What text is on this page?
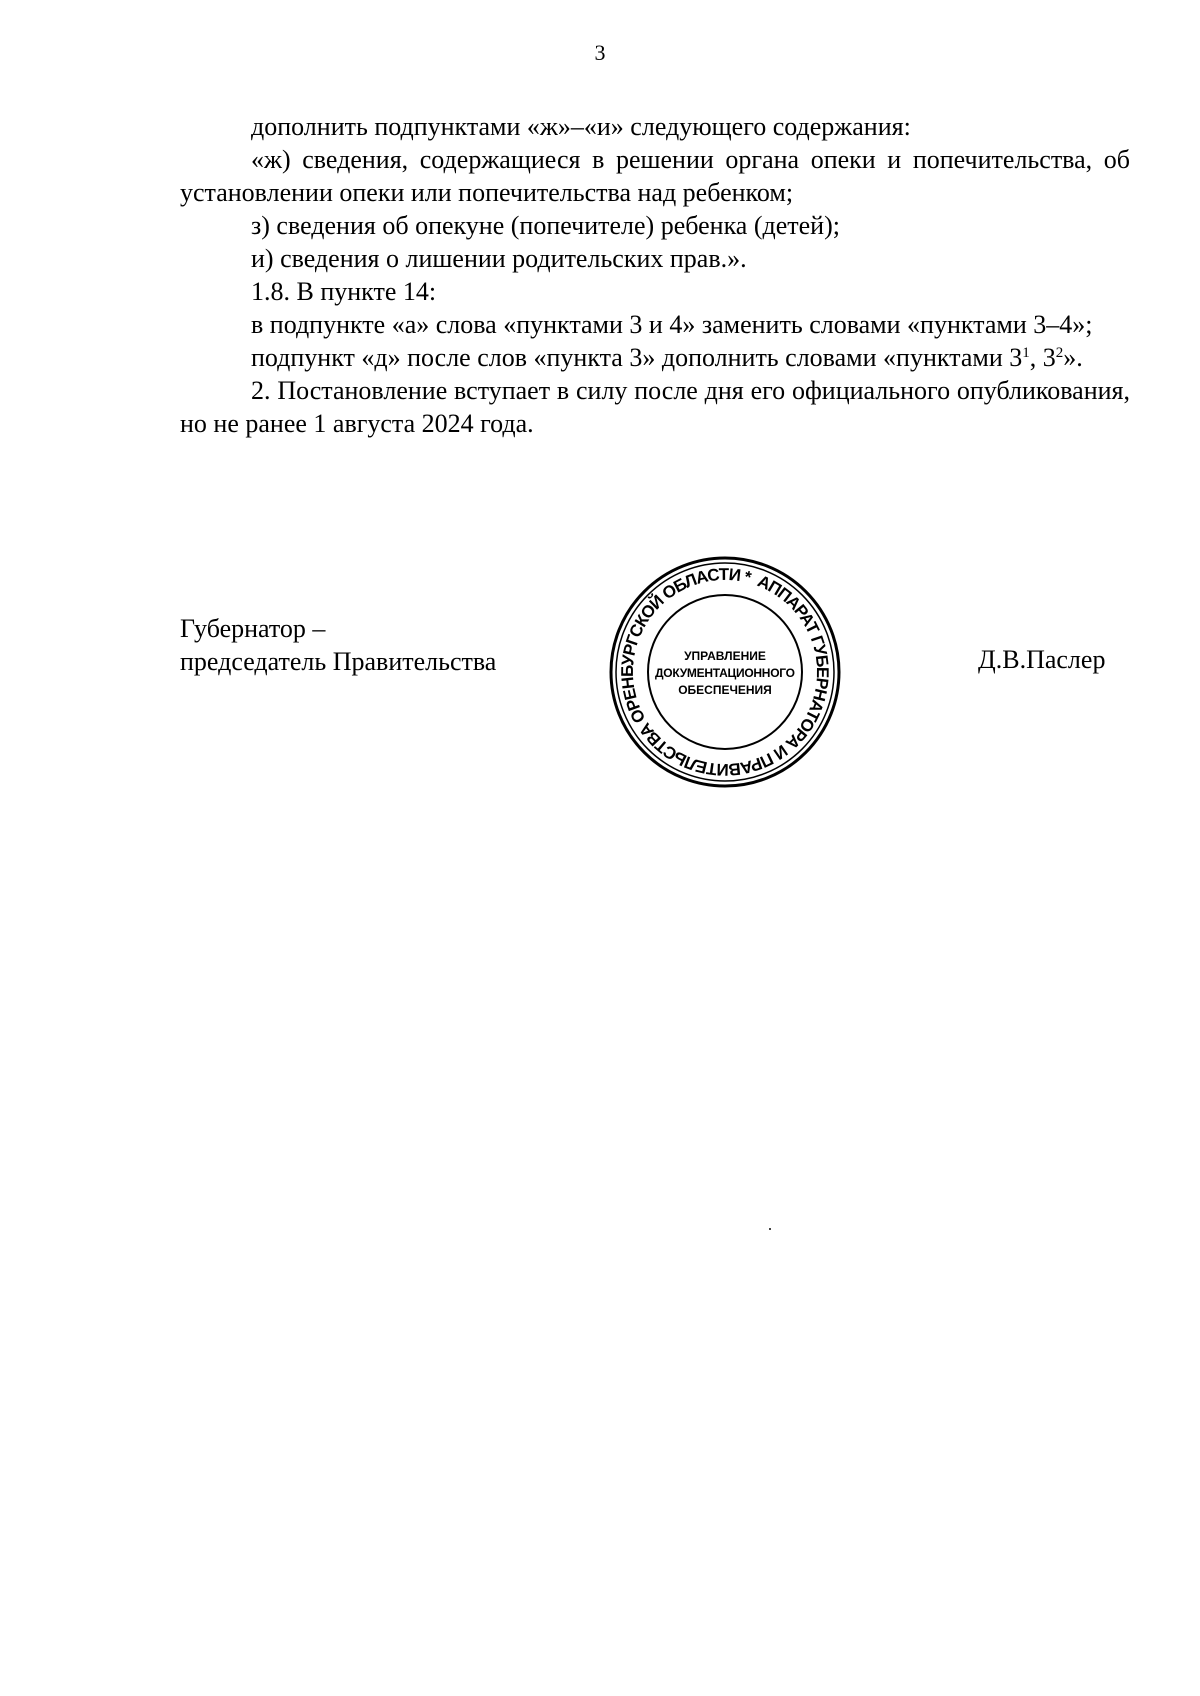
3

дополнить подпунктами «ж»–«и» следующего содержания:

«ж) сведения, содержащиеся в решении органа опеки и попечительства, об установлении опеки или попечительства над ребенком;

з) сведения об опекуне (попечителе) ребенка (детей);

и) сведения о лишении родительских прав.».

1.8. В пункте 14:

в подпункте «а» слова «пунктами 3 и 4» заменить словами «пунктами 3–4»;

подпункт «д» после слов «пункта 3» дополнить словами «пунктами $3^1$, $3^2$».

2. Постановление вступает в силу после дня его официального опубликования, но не ранее 1 августа 2024 года.

Губернатор –
председатель Правительства	Д.В.Паслер
АППАРАТ ГУБЕРНАТОРА И ПРАВИТЕЛЬСТВА ОРЕНБУРГСКОЙ ОБЛАСТИ *
УПРАВЛЕНИЕ
ДОКУМЕНТАЦИОННОГО
ОБЕСПЕЧЕНИЯ
